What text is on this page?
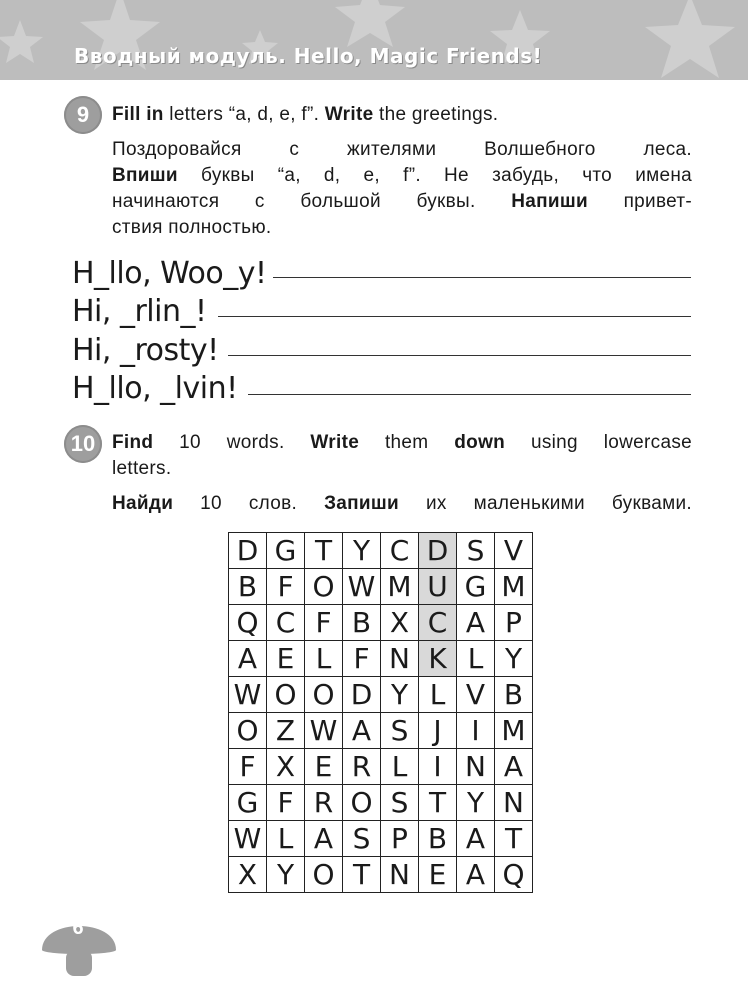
Вводный модуль. Hello, Magic Friends!
9 Fill in letters “a, d, e, f”. Write the greetings.
Поздоровайся с жителями Волшебного леса.
Впиши буквы “a, d, e, f”. Не забудь, что имена
начинаются с большой буквы. Напиши привет-
ствия полностью.
H_llo, Woo_y!
Hi, _rlin_!
Hi, _rosty!
H_llo, _lvin!
10 Find 10 words. Write them down using lowercase
letters.
Найди 10 слов. Запиши их маленькими буквами.
D	G	T	Y	C	D	S	V
B	F	O	W	M	U	G	M
Q	C	F	B	X	C	A	P
A	E	L	F	N	K	L	Y
W	O	O	D	Y	L	V	B
O	Z	W	A	S	J	I	M
F	X	E	R	L	I	N	A
G	F	R	O	S	T	Y	N
W	L	A	S	P	B	A	T
X	Y	O	T	N	E	A	Q
6
